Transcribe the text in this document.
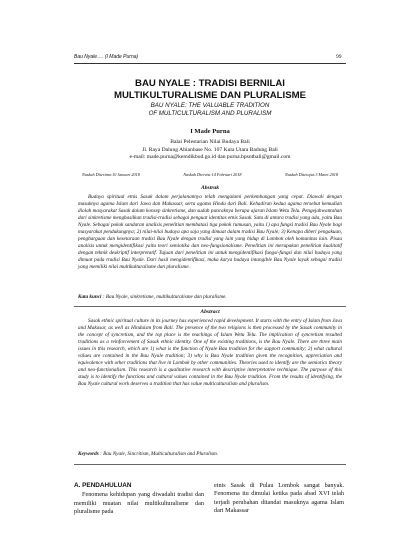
Bau Nyale…. (I Made Purna)	99
BAU NYALE : TRADISI BERNILAI
MULTIKULTURALISME DAN PLURALISME
BAU NYALE: THE VALUABLE TRADITION
OF MULTICULTURALISM AND PLURALISM
I Made Purna
Balai Pelestarian Nilai Budaya Bali
Jl. Raya Dalung Abianbase No. 107 Kuta Utara Badung Bali
e-mail: made.purna@kemdikbud.go.id dan purna.bpsntbali@gmail.com
Naskah Diterima:10 Januari 2018	Naskah Direvisi:14 Februari 2018	Naskah Disetujui:3 Maret 2018
Abstrak
Budaya spiritual etnis Sasak dalam perjalanannya telah mengalami perkembangan yang cepat. Diawali dengan masuknya agama Islam dari Jawa dan Makassar, serta agama Hindu dari Bali. Kehadiran kedua agama tersebut kemudian diolah masyarakat Sasak dalam konsep sinkretisme, dan sudah puncaknya berupa ajaran Islam Wetu Telu. Pengejahwantahan dari sinkretisme menghasilkan tradisi-tradisi sebagai penguat identitas etnis Sasak. Satu di antara tradisi yang ada, yaitu Bau Nyale. Sebagai pokok sandaran analisis penelitian membatasi tiga pokok rumusan, yaitu 1) apa fungsi tradisi Bau Nyale bagi masyarakat pendukungnya; 2) nilai-nilai budaya apa saja yang dimuat dalam tradisi Bau Nyale; 3) Kenapa diberi pengakuan, penghargaan dan kesetaraan tradisi Bau Nyale dengan tradisi yang lain yang hidup di Lombok oleh komunitas lain. Pisau analisis untuk mengidentifikasi yaitu teori semiotika dan neo-fungsionalisme. Penelitian ini merupakan penelitian kualitatif dengan teknik deskriptif interpretatif. Tujuan dari penelitian ini untuk mengidentifikasi fungsi-fungsi dan nilai budaya yang dimuat pada tradisi Bau Nyale. Dari hasil mengidentifikasi, maka karya budaya intangible Bau Nyale layak sebagai tradisi yang memiliki nilai multikulturalisme dan pluralisme.
Kata kunci : Bau Nyale, sinkretisme, multikulturalisme dan pluralisme.
Abstract
Sasak ethnic spiritual culture in its journey has experienced rapid development. It starts with the entry of Islam from Java and Makasar, as well as Hinduism from Bali. The presence of the two religions is then processed by the Sasak community in the concept of syncretism, and the top place is the teachings of Islam Wetu Telu. The implication of syncretism resulted traditions as a reinforcement of Sasak ethnic identity. One of the existing traditions, is the Bau Nyale. There are three main issues in this research, which are 1) what is the function of Nyale Bau tradition for the support community; 2) what cultural values are contained in the Bau Nyale tradition; 3) why is Bau Nyale tradition given the recognition, appreciation and equivalence with other traditions that live in Lombok by other communities. Theories used to identify are the semiotics theory and neo-functionalism. This research is a qualitative research with descriptive interpretative technique. The purpose of this study is to identify the functions and cultural values contained in the Bau Nyale tradition. From the results of identifying, the Bau Nyale cultural work deserves a tradition that has value multiculturalism and pluralism.
Keywords : Bau Nyale, Sincritism, Multiculturalism and Pluralism.
A. PENDAHULUAN
Fenomena kehidupan yang diwadahi tradisi dan memiliki muatan nilai multikulturalisme dan pluralisme pada
etnis Sasak di Pulau Lombok sangat banyak. Fenomena itu dimulai ketika pada abad XVI telah terjadi perubahan ditandai masuknya agama Islam dari Makassar
